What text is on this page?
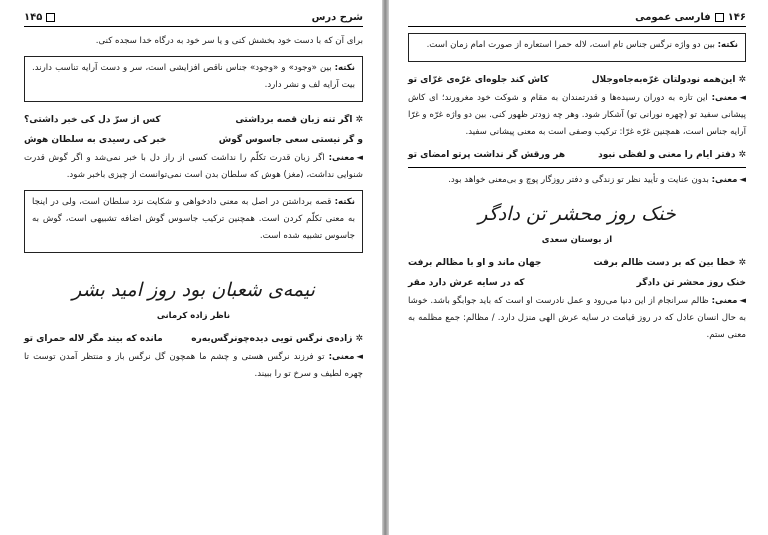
شرح درس
۱۴۵

برای آن که با دست خود بخشش کنی و یا سر خود به درگاه خدا سجده کنی.

نکته: بین «وجود» و «وجود» جناس ناقص افزایشی است، سر و دست آرایه تناسب دارند. بیت آرایه لف و نشر دارد.

✲اگر تنه زبان قصه برداشتی
کس از سرّ دل کی خبر داشتی؟
و گر نیستی سعی جاسوس گوش
خبر کی رسیدی به سلطان هوش

◄معنی: اگر زبان قدرت تکلّم را نداشت کسی از راز دل با خبر نمی‌شد و اگر گوش قدرت شنوایی نداشت، (مغز) هوش که سلطان بدن است نمی‌توانست از چیزی باخبر شود.

نکته: قصه برداشتن در اصل به معنی دادخواهی و شکایت نزد سلطان است، ولی در اینجا به معنی تکلّم کردن است. همچنین ترکیب جاسوس گوش اضافه تشبیهی است، گوش به جاسوس تشبیه شده است.

نیمه‌ی شعبان بود روز امید بشر
ناظر زاده کرمانی
✲زاده‌ی نرگس تویی دیده‌چونرگس‌به‌ره
مانده که بیند مگر لاله حمرای تو

◄معنی: تو فرزند نرگس هستی و چشم ما همچون گل نرگس باز و منتظر آمدن توست تا چهره لطیف و سرخ تو را ببیند.

۱۴۶فارسی عمومی

نکته: بین دو واژه نرگس جناس تام است، لاله حمرا استعاره از صورت امام زمان است.

✲این‌همه نودولتان غرّه‌به‌جاه‌وجلال
کاش کند جلوه‌ای غرّه‌ی غرّای تو

◄معنی: این تازه به دوران رسیده‌ها و قدرتمندان به مقام و شوکت خود مغرورند؛ ای کاش پیشانی سفید تو (چهره نورانی تو) آشکار شود. وهر چه زودتر ظهور کنی. بین دو واژه غرّه و غرّا آرایه جناس است، همچنین غرّه غرّا: ترکیب وصفی است به معنی پیشانی سفید.

✲دفتر ایام را معنی و لفظی نبود
هر ورقش گر نداشت پرتو امضای تو

◄معنی: بدون عنایت و تأیید نظر تو زندگی و دفتر روزگار پوچ و بی‌معنی خواهد بود.

خنک روز محشر تن دادگر
از بوستان سعدی
✲خطا بین که بر دست ظالم برفت
جهان ماند و او با مظالم برفت
خنک روز محشر تن دادگر
که در سایه عرش دارد مقر

◄معنی: ظالم سرانجام از این دنیا می‌رود و عمل نادرست او است که باید جوابگو باشد. خوشا به حال انسان عادل که در روز قیامت در سایه عرش الهی منزل دارد. / مظالم: جمع مظلمه به معنی ستم.
